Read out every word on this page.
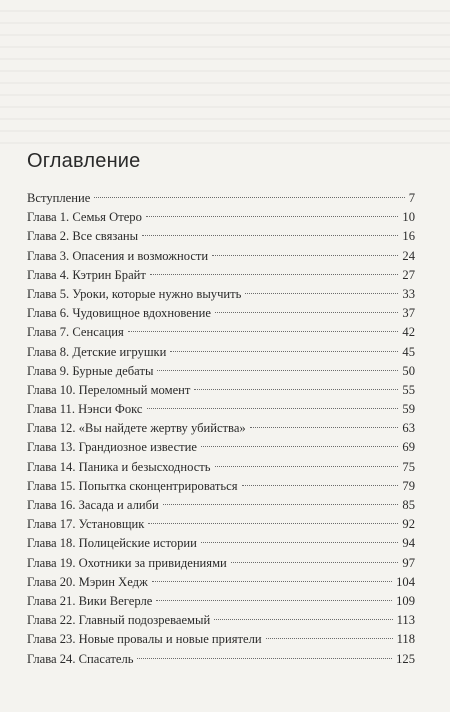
Оглавление
Вступление	7
Глава 1. Семья Отеро	10
Глава 2. Все связаны	16
Глава 3. Опасения и возможности	24
Глава 4. Кэтрин Брайт	27
Глава 5. Уроки, которые нужно выучить	33
Глава 6. Чудовищное вдохновение	37
Глава 7. Сенсация	42
Глава 8. Детские игрушки	45
Глава 9. Бурные дебаты	50
Глава 10. Переломный момент	55
Глава 11. Нэнси Фокс	59
Глава 12. «Вы найдете жертву убийства»	63
Глава 13. Грандиозное известие	69
Глава 14. Паника и безысходность	75
Глава 15. Попытка сконцентрироваться	79
Глава 16. Засада и алиби	85
Глава 17. Установщик	92
Глава 18. Полицейские истории	94
Глава 19. Охотники за привидениями	97
Глава 20. Мэрин Хедж	104
Глава 21. Вики Вегерле	109
Глава 22. Главный подозреваемый	113
Глава 23. Новые провалы и новые приятели	118
Глава 24. Спасатель	125
